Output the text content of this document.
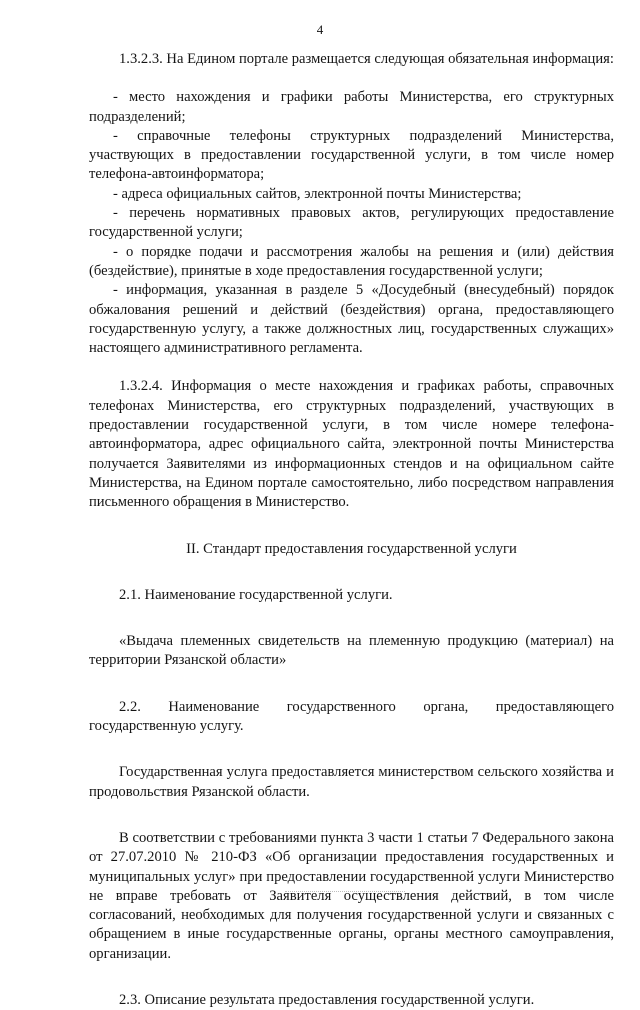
4

1.3.2.3. На Едином портале размещается следующая обязательная информация:

- место нахождения и графики работы Министерства, его структурных подразделений;

- справочные телефоны структурных подразделений Министерства, участвующих в предоставлении государственной услуги, в том числе номер телефона-автоинформатора;

- адреса официальных сайтов, электронной почты Министерства;

- перечень нормативных правовых актов, регулирующих предоставление государственной услуги;

- о порядке подачи и рассмотрения жалобы на решения и (или) действия (бездействие), принятые в ходе предоставления государственной услуги;

- информация, указанная в разделе 5 «Досудебный (внесудебный) порядок обжалования решений и действий (бездействия) органа, предоставляющего государственную услугу, а также должностных лиц, государственных служащих» настоящего административного регламента.

1.3.2.4. Информация о месте нахождения и графиках работы, справочных телефонах Министерства, его структурных подразделений, участвующих в предоставлении государственной услуги, в том числе номере телефона-автоинформатора, адрес официального сайта, электронной почты Министерства получается Заявителями из информационных стендов и на официальном сайте Министерства, на Едином портале самостоятельно, либо посредством направления письменного обращения в Министерство.

II. Стандарт предоставления государственной услуги

2.1. Наименование государственной услуги.

«Выдача племенных свидетельств на племенную продукцию (материал) на территории Рязанской области»

2.2. Наименование государственного органа, предоставляющего государственную услугу.

Государственная услуга предоставляется министерством сельского хозяйства и продовольствия Рязанской области.

В соответствии с требованиями пункта 3 части 1 статьи 7 Федерального закона от 27.07.2010 № 210-ФЗ «Об организации предоставления государственных и муниципальных услуг» при предоставлении государственной услуги Министерство не вправе требовать от Заявителя осуществления действий, в том числе согласований, необходимых для получения государственной услуги и связанных с обращением в иные государственные органы, органы местного самоуправления, организации.

2.3. Описание результата предоставления государственной услуги.
